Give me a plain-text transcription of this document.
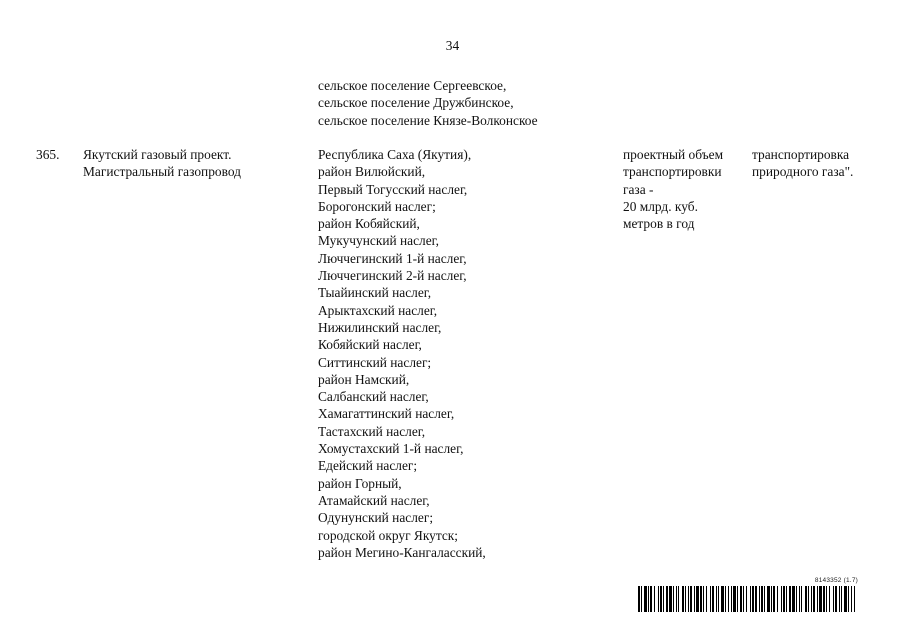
34
сельское поселение Сергеевское,
сельское поселение Дружбинское,
сельское поселение Князе-Волконское
365. Якутский газовый проект.
Магистральный газопровод
Республика Саха (Якутия),
район Вилюйский,
Первый Тогусский наслег,
Борогонский наслег;
район Кобяйский,
Мукучунский наслег,
Люччегинский 1-й наслег,
Люччегинский 2-й наслег,
Тыайинский наслег,
Арыктахский наслег,
Нижилинский наслег,
Кобяйский наслег,
Ситтинский наслег;
район Намский,
Салбанский наслег,
Хамагаттинский наслег,
Тастахский наслег,
Хомустахский 1-й наслег,
Едейский наслег;
район Горный,
Атамайский наслег,
Одунунский наслег;
городской округ Якутск;
район Мегино-Кангаласский,
проектный объем
транспортировки
газа -
20 млрд. куб.
метров в год
транспортировка
природного газа".
8143352 (1.7)
